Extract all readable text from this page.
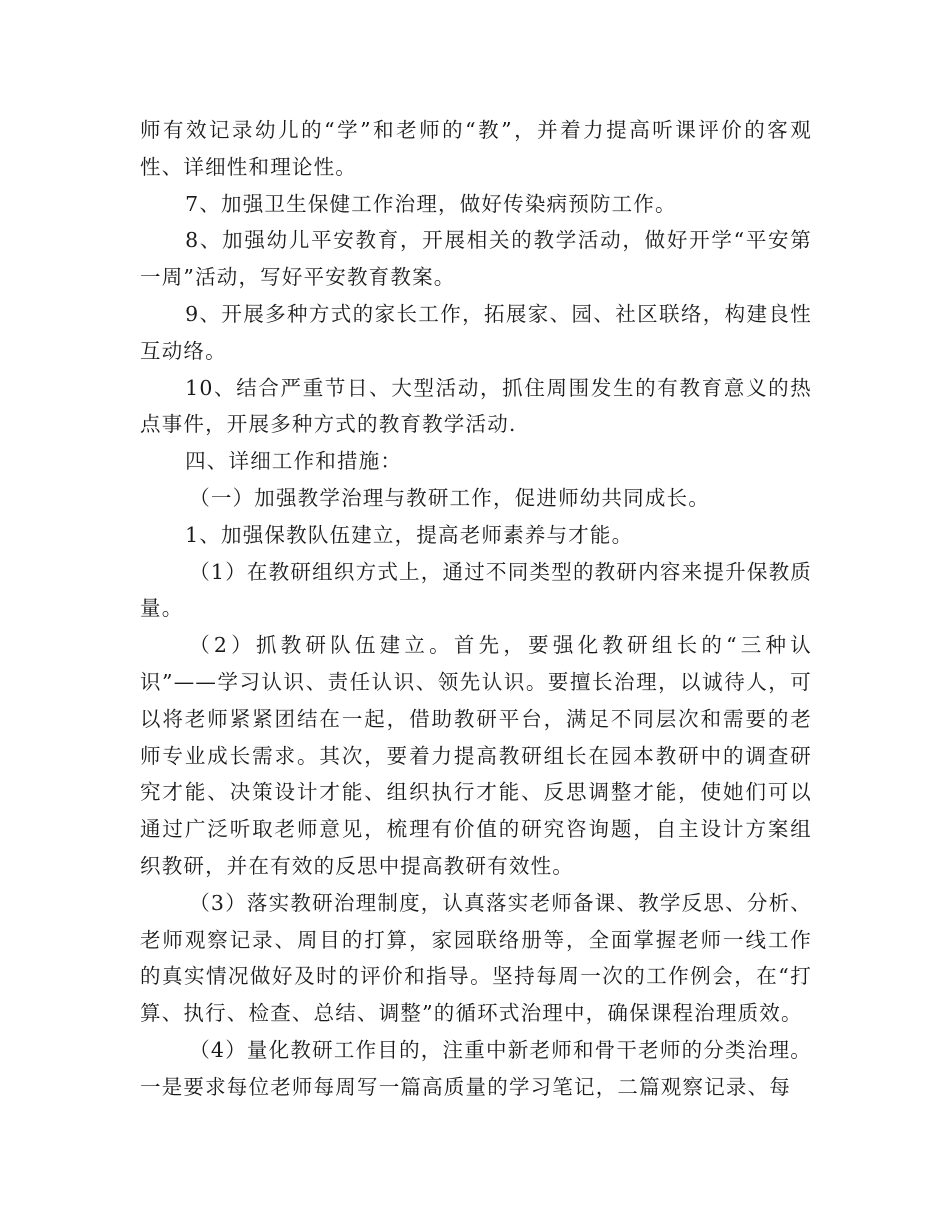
师有效记录幼儿的“学”和老师的“教”，并着力提高听课评价的客观性、详细性和理论性。

7、加强卫生保健工作治理，做好传染病预防工作。

8、加强幼儿平安教育，开展相关的教学活动，做好开学“平安第一周”活动，写好平安教育教案。

9、开展多种方式的家长工作，拓展家、园、社区联络，构建良性互动络。

10、结合严重节日、大型活动，抓住周围发生的有教育意义的热点事件，开展多种方式的教育教学活动.

四、详细工作和措施：

（一）加强教学治理与教研工作，促进师幼共同成长。

1、加强保教队伍建立，提高老师素养与才能。

（1）在教研组织方式上，通过不同类型的教研内容来提升保教质量。

（2）抓教研队伍建立。首先，要强化教研组长的“三种认识”——学习认识、责任认识、领先认识。要擅长治理，以诚待人，可以将老师紧紧团结在一起，借助教研平台，满足不同层次和需要的老师专业成长需求。其次，要着力提高教研组长在园本教研中的调查研究才能、决策设计才能、组织执行才能、反思调整才能，使她们可以通过广泛听取老师意见，梳理有价值的研究咨询题，自主设计方案组织教研，并在有效的反思中提高教研有效性。

（3）落实教研治理制度，认真落实老师备课、教学反思、分析、老师观察记录、周目的打算，家园联络册等，全面掌握老师一线工作的真实情况做好及时的评价和指导。坚持每周一次的工作例会，在“打算、执行、检查、总结、调整”的循环式治理中，确保课程治理质效。

（4）量化教研工作目的，注重中新老师和骨干老师的分类治理。一是要求每位老师每周写一篇高质量的学习笔记，二篇观察记录、每
